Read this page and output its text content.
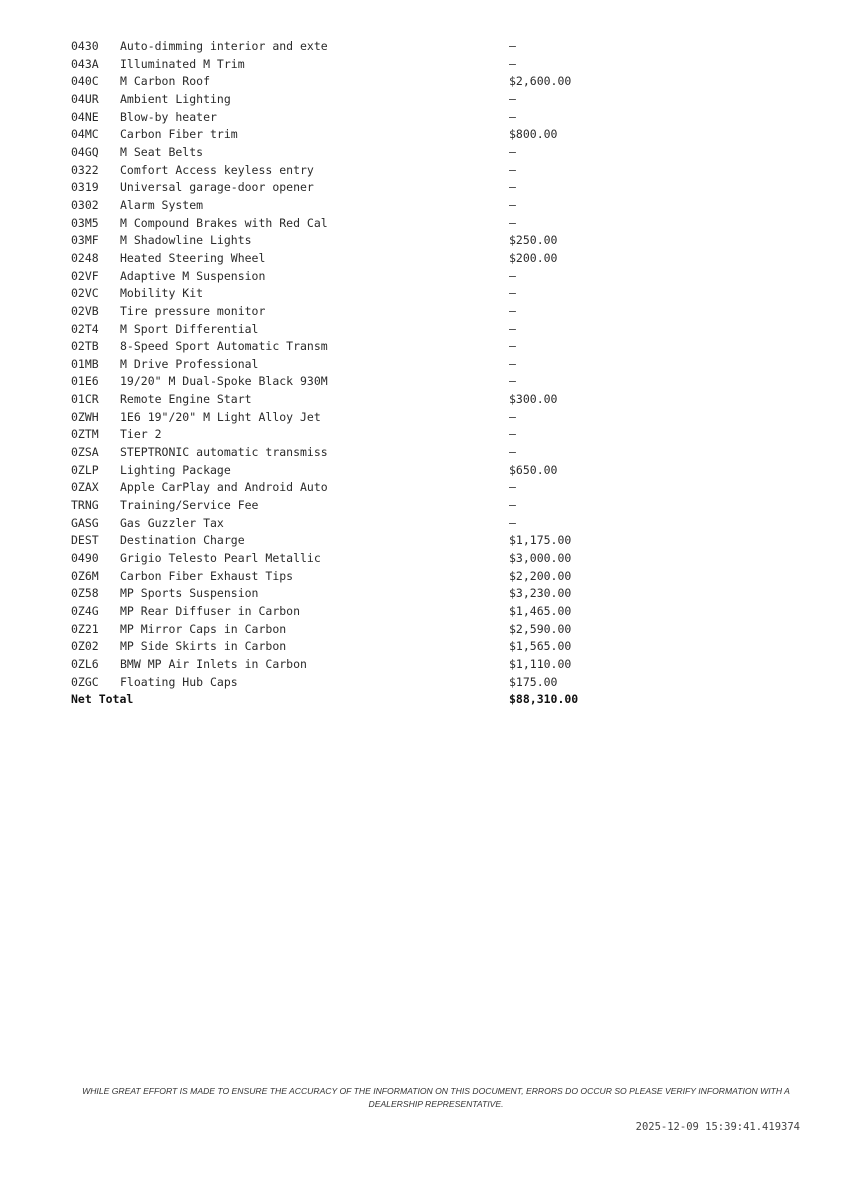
0430	Auto-dimming interior and exte	—
043A	Illuminated M Trim	—
040C	M Carbon Roof	$2,600.00
04UR	Ambient Lighting	—
04NE	Blow-by heater	—
04MC	Carbon Fiber trim	$800.00
04GQ	M Seat Belts	—
0322	Comfort Access keyless entry	—
0319	Universal garage-door opener	—
0302	Alarm System	—
03M5	M Compound Brakes with Red Cal	—
03MF	M Shadowline Lights	$250.00
0248	Heated Steering Wheel	$200.00
02VF	Adaptive M Suspension	—
02VC	Mobility Kit	—
02VB	Tire pressure monitor	—
02T4	M Sport Differential	—
02TB	8-Speed Sport Automatic Transm	—
01MB	M Drive Professional	—
01E6	19/20" M Dual-Spoke Black 930M	—
01CR	Remote Engine Start	$300.00
0ZWH	1E6 19"/20" M Light Alloy Jet	—
0ZTM	Tier 2	—
0ZSA	STEPTRONIC automatic transmiss	—
0ZLP	Lighting Package	$650.00
0ZAX	Apple CarPlay and Android Auto	—
TRNG	Training/Service Fee	—
GASG	Gas Guzzler Tax	—
DEST	Destination Charge	$1,175.00
0490	Grigio Telesto Pearl Metallic	$3,000.00
0Z6M	Carbon Fiber Exhaust Tips	$2,200.00
0Z58	MP Sports Suspension	$3,230.00
0Z4G	MP Rear Diffuser in Carbon	$1,465.00
0Z21	MP Mirror Caps in Carbon	$2,590.00
0Z02	MP Side Skirts in Carbon	$1,565.00
0ZL6	BMW MP Air Inlets in Carbon	$1,110.00
0ZGC	Floating Hub Caps	$175.00
Net Total		$88,310.00
WHILE GREAT EFFORT IS MADE TO ENSURE THE ACCURACY OF THE INFORMATION ON THIS DOCUMENT, ERRORS DO OCCUR SO PLEASE VERIFY INFORMATION WITH A DEALERSHIP REPRESENTATIVE.
2025-12-09 15:39:41.419374
